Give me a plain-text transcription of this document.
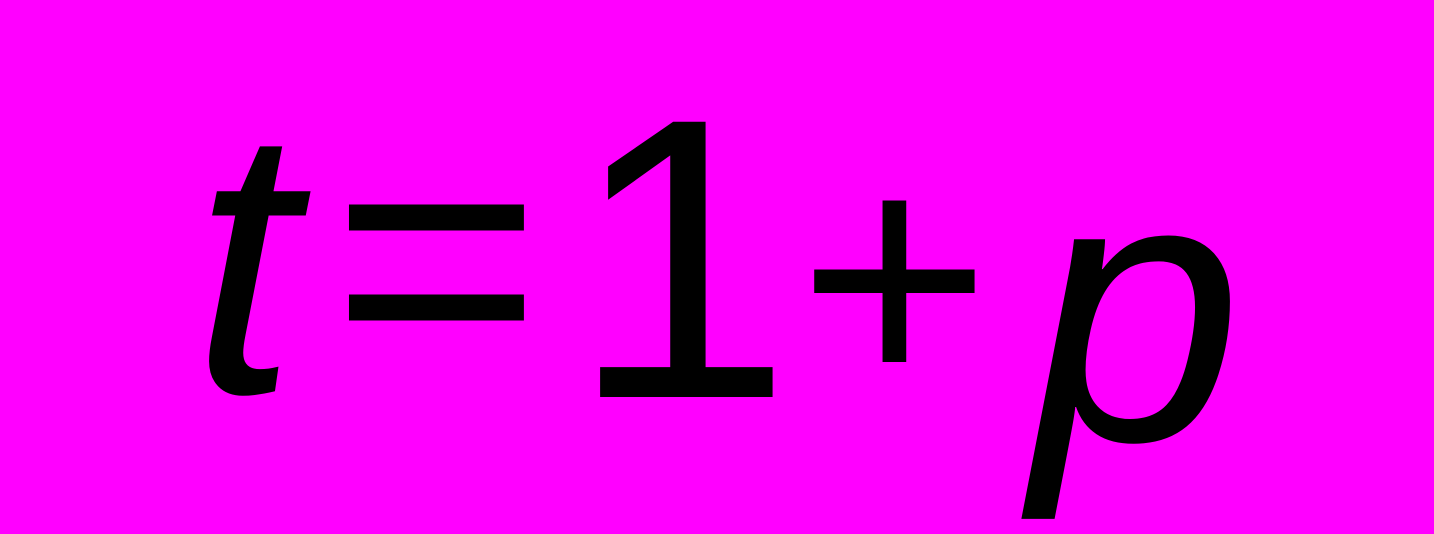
t = 1 + p
